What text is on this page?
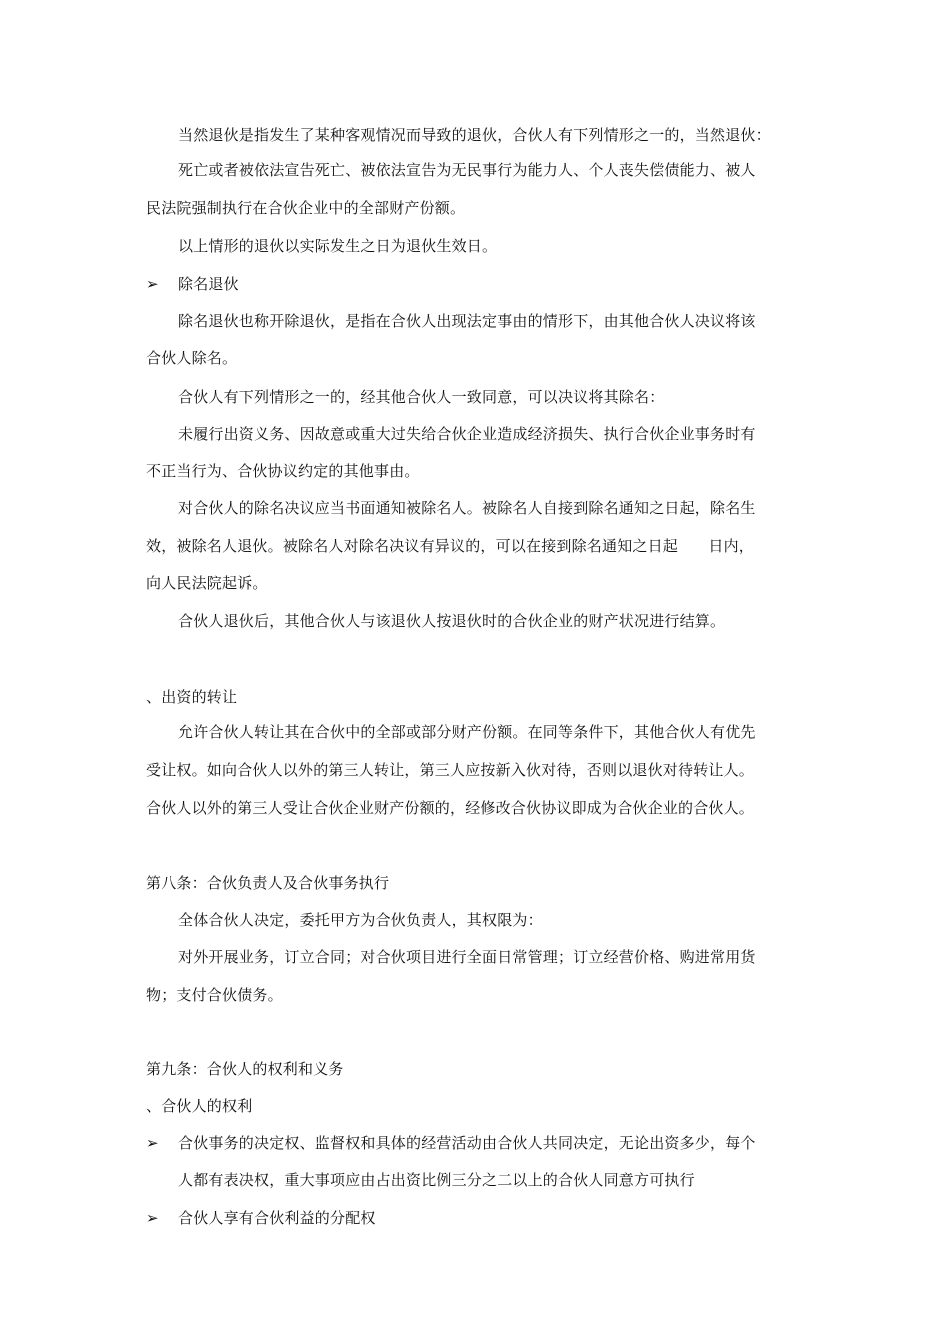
当然退伙是指发生了某种客观情况而导致的退伙，合伙人有下列情形之一的，当然退伙：
死亡或者被依法宣告死亡、被依法宣告为无民事行为能力人、个人丧失偿债能力、被人
民法院强制执行在合伙企业中的全部财产份额。
以上情形的退伙以实际发生之日为退伙生效日。
➢ 除名退伙
除名退伙也称开除退伙，是指在合伙人出现法定事由的情形下，由其他合伙人决议将该
合伙人除名。
合伙人有下列情形之一的，经其他合伙人一致同意，可以决议将其除名：
未履行出资义务、因故意或重大过失给合伙企业造成经济损失、执行合伙企业事务时有
不正当行为、合伙协议约定的其他事由。
对合伙人的除名决议应当书面通知被除名人。被除名人自接到除名通知之日起，除名生
效，被除名人退伙。被除名人对除名决议有异议的，可以在接到除名通知之日起　　日内，
向人民法院起诉。
合伙人退伙后，其他合伙人与该退伙人按退伙时的合伙企业的财产状况进行结算。
、出资的转让
允许合伙人转让其在合伙中的全部或部分财产份额。在同等条件下，其他合伙人有优先
受让权。如向合伙人以外的第三人转让，第三人应按新入伙对待，否则以退伙对待转让人。
合伙人以外的第三人受让合伙企业财产份额的，经修改合伙协议即成为合伙企业的合伙人。
第八条：合伙负责人及合伙事务执行
全体合伙人决定，委托甲方为合伙负责人，其权限为：
对外开展业务，订立合同；对合伙项目进行全面日常管理；订立经营价格、购进常用货
物；支付合伙债务。
第九条：合伙人的权利和义务
、合伙人的权利
➢ 合伙事务的决定权、监督权和具体的经营活动由合伙人共同决定，无论出资多少，每个
人都有表决权，重大事项应由占出资比例三分之二以上的合伙人同意方可执行
➢ 合伙人享有合伙利益的分配权
